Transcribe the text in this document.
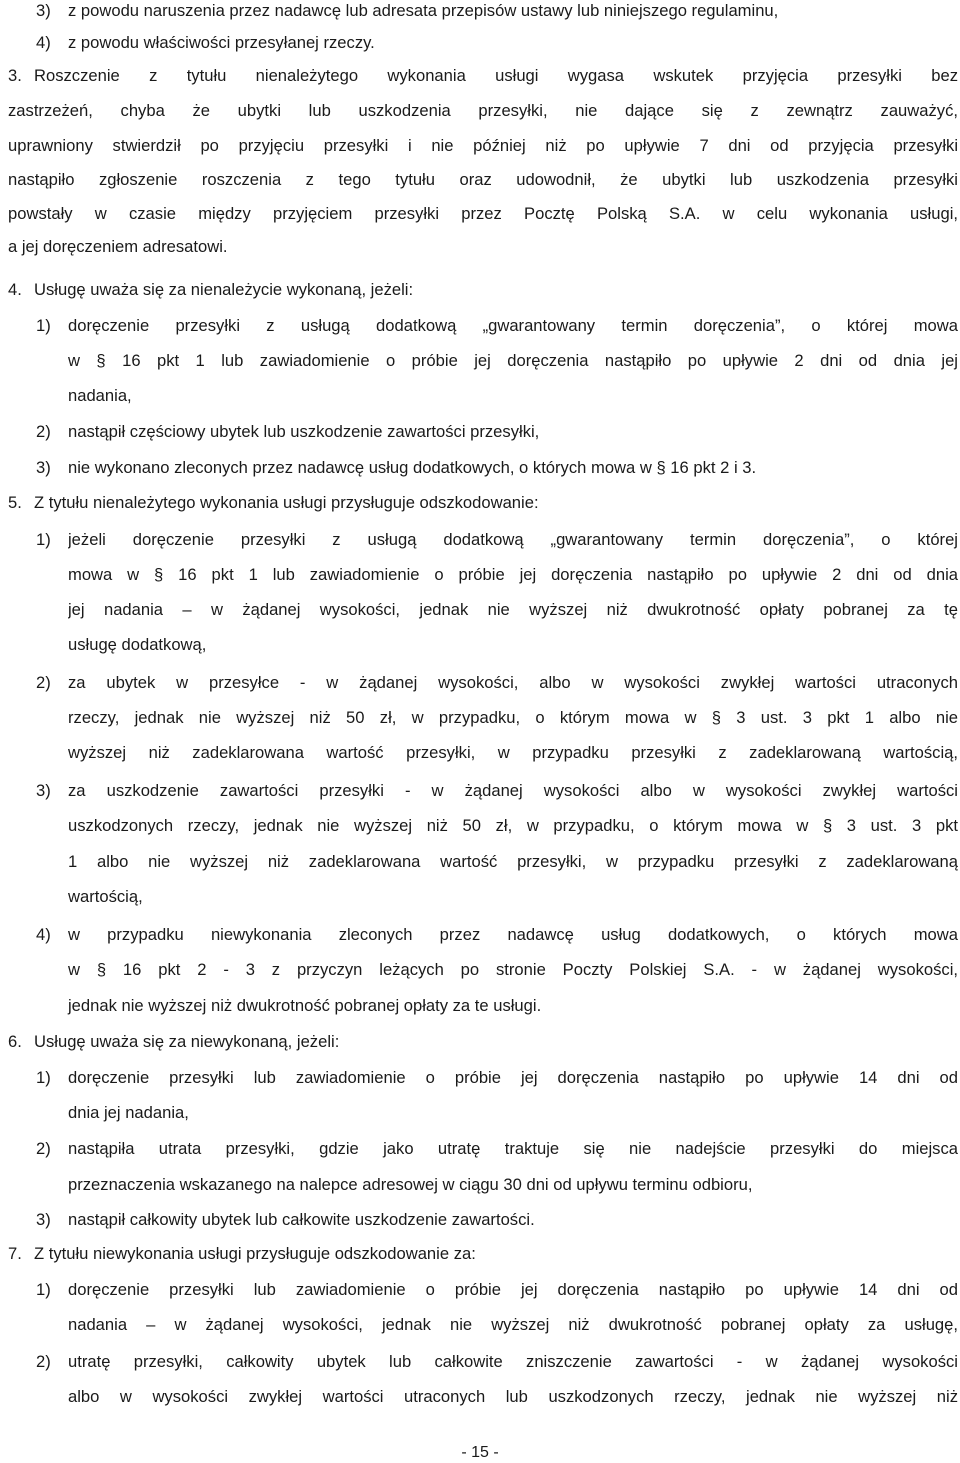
3) z powodu naruszenia przez nadawcę lub adresata przepisów ustawy lub niniejszego regulaminu,
4) z powodu właściwości przesyłanej rzeczy.
3. Roszczenie z tytułu nienależytego wykonania usługi wygasa wskutek przyjęcia przesyłki bez
zastrzeżeń, chyba że ubytki lub uszkodzenia przesyłki, nie dające się z zewnątrz zauważyć,
uprawniony stwierdził po przyjęciu przesyłki i nie później niż po upływie 7 dni od przyjęcia przesyłki
nastąpiło zgłoszenie roszczenia z tego tytułu oraz udowodnił, że ubytki lub uszkodzenia przesyłki
powstały w czasie między przyjęciem przesyłki przez Pocztę Polską S.A. w celu wykonania usługi,
a jej doręczeniem adresatowi.
4. Usługę uważa się za nienależycie wykonaną, jeżeli:
1) doręczenie przesyłki z usługą dodatkową „gwarantowany termin doręczenia”, o której mowa
w § 16 pkt 1 lub zawiadomienie o próbie jej doręczenia nastąpiło po upływie 2 dni od dnia jej
nadania,
2) nastąpił częściowy ubytek lub uszkodzenie zawartości przesyłki,
3) nie wykonano zleconych przez nadawcę usług dodatkowych, o których mowa w § 16 pkt 2 i 3.
5. Z tytułu nienależytego wykonania usługi przysługuje odszkodowanie:
1) jeżeli doręczenie przesyłki z usługą dodatkową „gwarantowany termin doręczenia”, o której
mowa w § 16 pkt 1 lub zawiadomienie o próbie jej doręczenia nastąpiło po upływie 2 dni od dnia
jej nadania – w żądanej wysokości, jednak nie wyższej niż dwukrotność opłaty pobranej za tę
usługę dodatkową,
2) za ubytek w przesyłce - w żądanej wysokości, albo w wysokości zwykłej wartości utraconych
rzeczy, jednak nie wyższej niż 50 zł, w przypadku, o którym mowa w § 3 ust. 3 pkt 1 albo nie
wyższej niż zadeklarowana wartość przesyłki, w przypadku przesyłki z zadeklarowaną wartością,
3) za uszkodzenie zawartości przesyłki - w żądanej wysokości albo w wysokości zwykłej wartości
uszkodzonych rzeczy, jednak nie wyższej niż 50 zł, w przypadku, o którym mowa w § 3 ust. 3 pkt
1 albo nie wyższej niż zadeklarowana wartość przesyłki, w przypadku przesyłki z zadeklarowaną
wartością,
4) w przypadku niewykonania zleconych przez nadawcę usług dodatkowych, o których mowa
w § 16 pkt 2 - 3 z przyczyn leżących po stronie Poczty Polskiej S.A. - w żądanej wysokości,
jednak nie wyższej niż dwukrotność pobranej opłaty za te usługi.
6. Usługę uważa się za niewykonaną, jeżeli:
1) doręczenie przesyłki lub zawiadomienie o próbie jej doręczenia nastąpiło po upływie 14 dni od
dnia jej nadania,
2) nastąpiła utrata przesyłki, gdzie jako utratę traktuje się nie nadejście przesyłki do miejsca
przeznaczenia wskazanego na nalepce adresowej w ciągu 30 dni od upływu terminu odbioru,
3) nastąpił całkowity ubytek lub całkowite uszkodzenie zawartości.
7. Z tytułu niewykonania usługi przysługuje odszkodowanie za:
1) doręczenie przesyłki lub zawiadomienie o próbie jej doręczenia nastąpiło po upływie 14 dni od
nadania – w żądanej wysokości, jednak nie wyższej niż dwukrotność pobranej opłaty za usługę,
2) utratę przesyłki, całkowity ubytek lub całkowite zniszczenie zawartości - w żądanej wysokości
albo w wysokości zwykłej wartości utraconych lub uszkodzonych rzeczy, jednak nie wyższej niż
- 15 -
